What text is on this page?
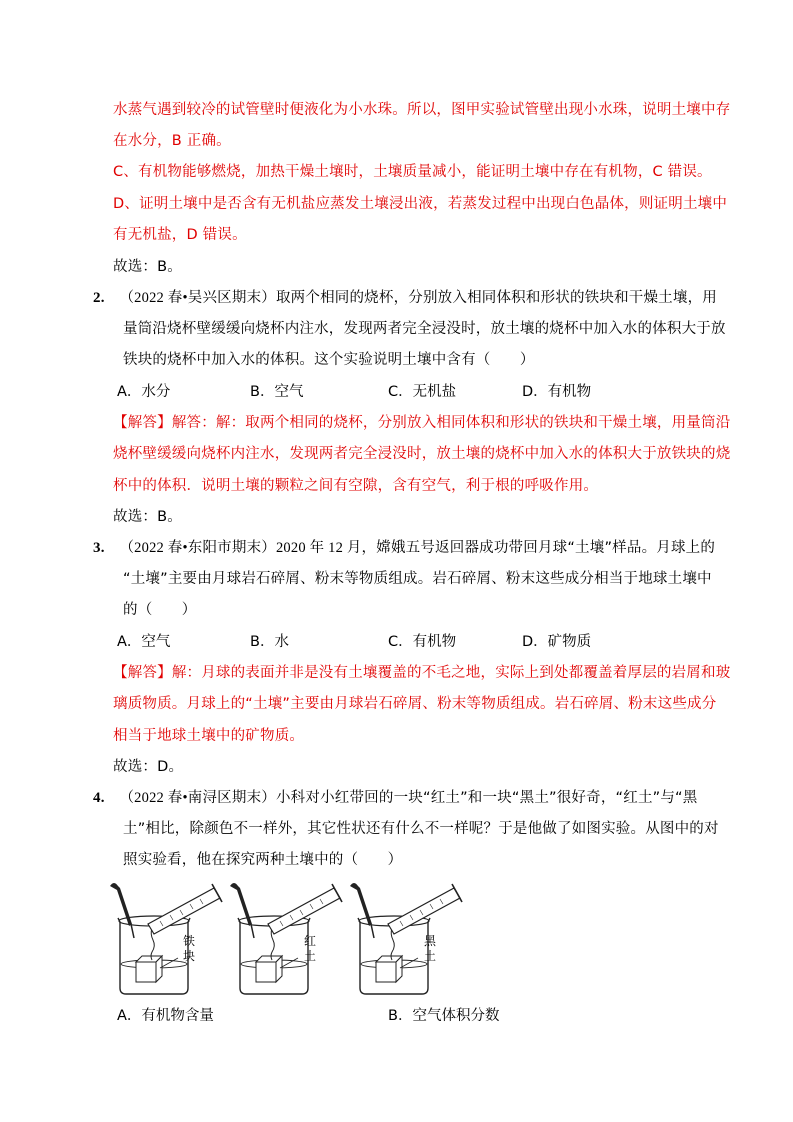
水蒸气遇到较冷的试管壁时便液化为小水珠。所以，图甲实验试管壁出现小水珠，说明土壤中存
在水分，B 正确。
C、有机物能够燃烧，加热干燥土壤时，土壤质量减小，能证明土壤中存在有机物，C 错误。
D、证明土壤中是否含有无机盐应蒸发土壤浸出液，若蒸发过程中出现白色晶体，则证明土壤中
有无机盐，D 错误。
故选：B。
2. （2022 春•吴兴区期末）取两个相同的烧杯，分别放入相同体积和形状的铁块和干燥土壤，用
量筒沿烧杯壁缓缓向烧杯内注水，发现两者完全浸没时，放土壤的烧杯中加入水的体积大于放
铁块的烧杯中加入水的体积。这个实验说明土壤中含有（　　）
A．水分	B．空气	C．无机盐	D．有机物
【解答】解答：解：取两个相同的烧杯，分别放入相同体积和形状的铁块和干燥土壤，用量筒沿
烧杯壁缓缓向烧杯内注水，发现两者完全浸没时，放土壤的烧杯中加入水的体积大于放铁块的烧
杯中的体积．说明土壤的颗粒之间有空隙，含有空气，利于根的呼吸作用。
故选：B。
3. （2022 春•东阳市期末）2020 年 12 月，嫦娥五号返回器成功带回月球“土壤”样品。月球上的
“土壤”主要由月球岩石碎屑、粉末等物质组成。岩石碎屑、粉末这些成分相当于地球土壤中
的（　　）
A．空气	B．水	C．有机物	D．矿物质
【解答】解：月球的表面并非是没有土壤覆盖的不毛之地，实际上到处都覆盖着厚层的岩屑和玻
璃质物质。月球上的“土壤”主要由月球岩石碎屑、粉末等物质组成。岩石碎屑、粉末这些成分
相当于地球土壤中的矿物质。
故选：D。
4. （2022 春•南浔区期末）小科对小红带回的一块“红土”和一块“黑土”很好奇，“红土”与“黑
土”相比，除颜色不一样外，其它性状还有什么不一样呢？于是他做了如图实验。从图中的对
照实验看，他在探究两种土壤中的（　　）
铁块
红土
黑土
A．有机物含量	B．空气体积分数
